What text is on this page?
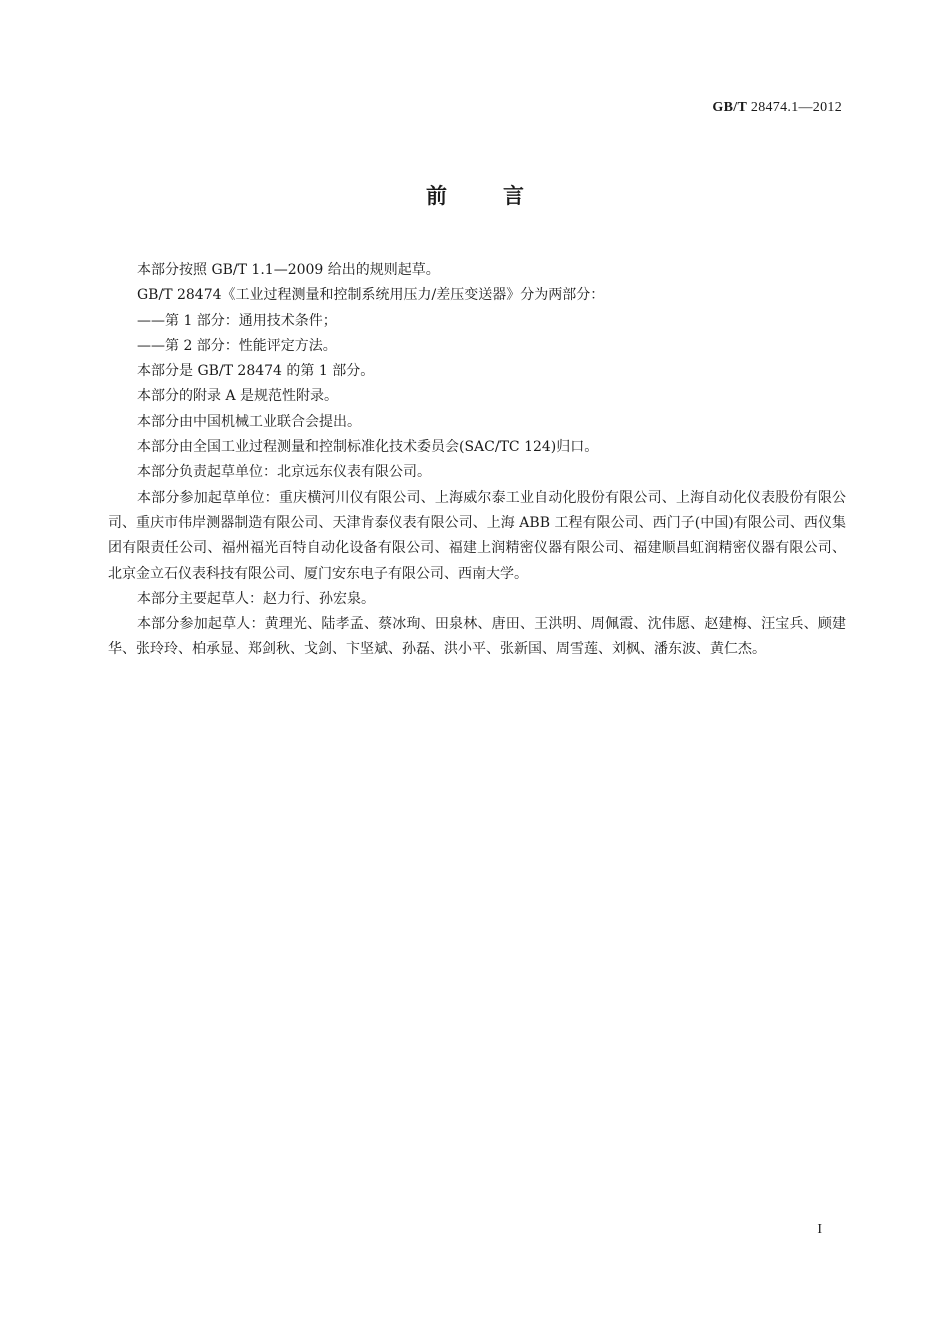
GB/T 28474.1—2012
前言

本部分按照 GB/T 1.1—2009 给出的规则起草。

GB/T 28474《工业过程测量和控制系统用压力/差压变送器》分为两部分：

——第 1 部分：通用技术条件；

——第 2 部分：性能评定方法。

本部分是 GB/T 28474 的第 1 部分。

本部分的附录 A 是规范性附录。

本部分由中国机械工业联合会提出。

本部分由全国工业过程测量和控制标准化技术委员会(SAC/TC 124)归口。

本部分负责起草单位：北京远东仪表有限公司。

本部分参加起草单位：重庆横河川仪有限公司、上海威尔泰工业自动化股份有限公司、上海自动化仪表股份有限公司、重庆市伟岸测器制造有限公司、天津肯泰仪表有限公司、上海 ABB 工程有限公司、西门子(中国)有限公司、西仪集团有限责任公司、福州福光百特自动化设备有限公司、福建上润精密仪器有限公司、福建顺昌虹润精密仪器有限公司、北京金立石仪表科技有限公司、厦门安东电子有限公司、西南大学。

本部分主要起草人：赵力行、孙宏泉。

本部分参加起草人：黄理光、陆孝孟、蔡冰珣、田泉林、唐田、王洪明、周佩霞、沈伟愿、赵建梅、汪宝兵、顾建华、张玲玲、柏承显、郑剑秋、戈剑、卞坚斌、孙磊、洪小平、张新国、周雪莲、刘枫、潘东波、黄仁杰。

I
